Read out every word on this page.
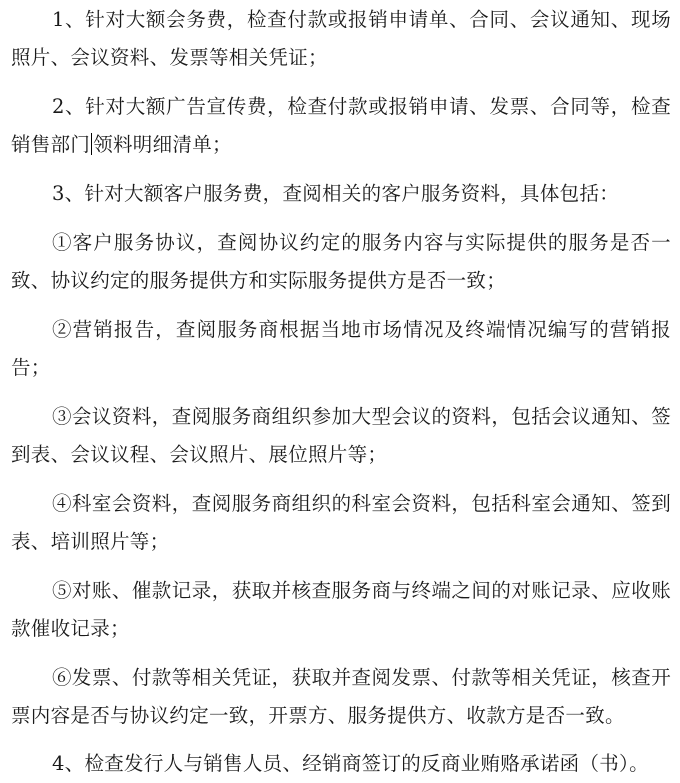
1、针对大额会务费，检查付款或报销申请单、合同、会议通知、现场照片、会议资料、发票等相关凭证；

2、针对大额广告宣传费，检查付款或报销申请、发票、合同等，检查销售部门 领料明细清单；

3、针对大额客户服务费，查阅相关的客户服务资料，具体包括：

①客户服务协议，查阅协议约定的服务内容与实际提供的服务是否一致、协议约定的服务提供方和实际服务提供方是否一致；

②营销报告，查阅服务商根据当地市场情况及终端情况编写的营销报告；

③会议资料，查阅服务商组织参加大型会议的资料，包括会议通知、签到表、会议议程、会议照片、展位照片等；

④科室会资料，查阅服务商组织的科室会资料，包括科室会通知、签到表、培训照片等；

⑤对账、催款记录，获取并核查服务商与终端之间的对账记录、应收账款催收记录；

⑥发票、付款等相关凭证，获取并查阅发票、付款等相关凭证，核查开票内容是否与协议约定一致，开票方、服务提供方、收款方是否一致。

4、检查发行人与销售人员、经销商签订的反商业贿赂承诺函（书）。
